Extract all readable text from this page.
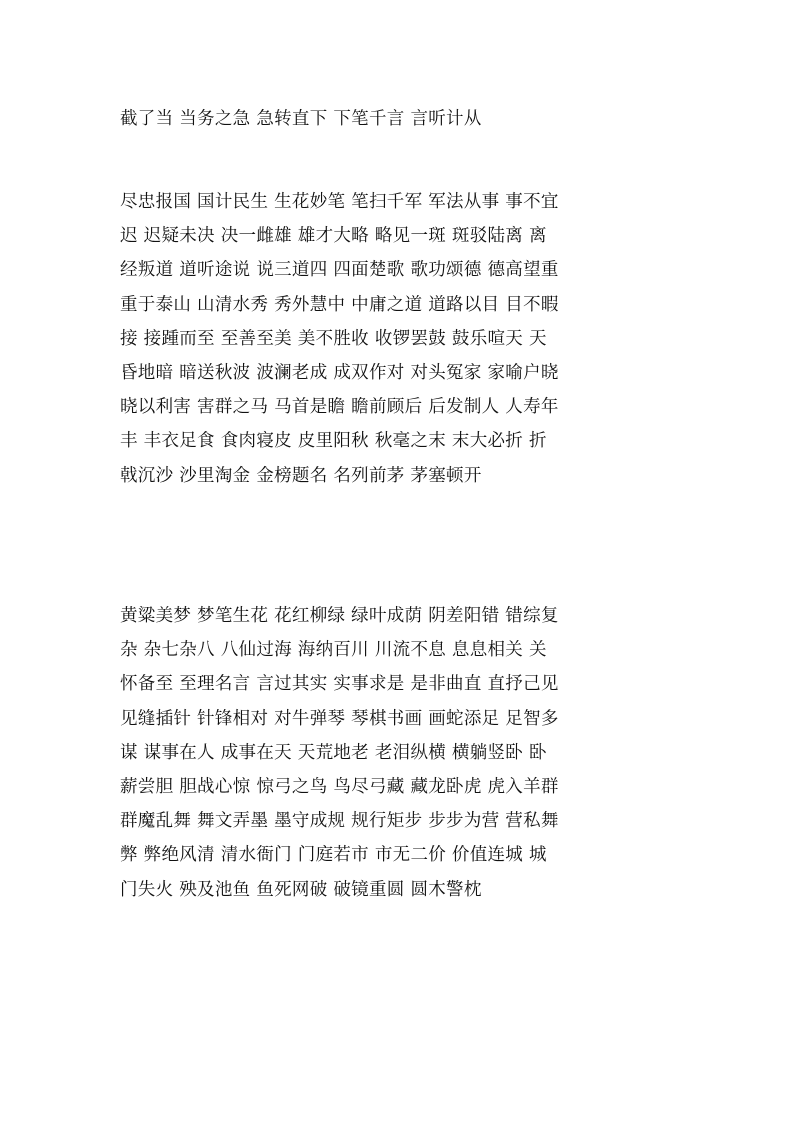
截了当 当务之急 急转直下 下笔千言 言听计从
尽忠报国 国计民生 生花妙笔 笔扫千军 军法从事 事不宜
迟 迟疑未决 决一雌雄 雄才大略 略见一斑 斑驳陆离 离
经叛道 道听途说 说三道四 四面楚歌 歌功颂德 德高望重
重于泰山 山清水秀 秀外慧中 中庸之道 道路以目 目不暇
接 接踵而至 至善至美 美不胜收 收锣罢鼓 鼓乐喧天 天
昏地暗 暗送秋波 波澜老成 成双作对 对头冤家 家喻户晓
晓以利害 害群之马 马首是瞻 瞻前顾后 后发制人 人寿年
丰 丰衣足食 食肉寝皮 皮里阳秋 秋毫之末 末大必折 折
戟沉沙 沙里淘金 金榜题名 名列前茅 茅塞顿开
黄粱美梦 梦笔生花 花红柳绿 绿叶成荫 阴差阳错 错综复
杂 杂七杂八 八仙过海 海纳百川 川流不息 息息相关 关
怀备至 至理名言 言过其实 实事求是 是非曲直 直抒己见
见缝插针 针锋相对 对牛弹琴 琴棋书画 画蛇添足 足智多
谋 谋事在人 成事在天 天荒地老 老泪纵横 横躺竖卧 卧
薪尝胆 胆战心惊 惊弓之鸟 鸟尽弓藏 藏龙卧虎 虎入羊群
群魔乱舞 舞文弄墨 墨守成规 规行矩步 步步为营 营私舞
弊 弊绝风清 清水衙门 门庭若市 市无二价 价值连城 城
门失火 殃及池鱼 鱼死网破 破镜重圆 圆木警枕
